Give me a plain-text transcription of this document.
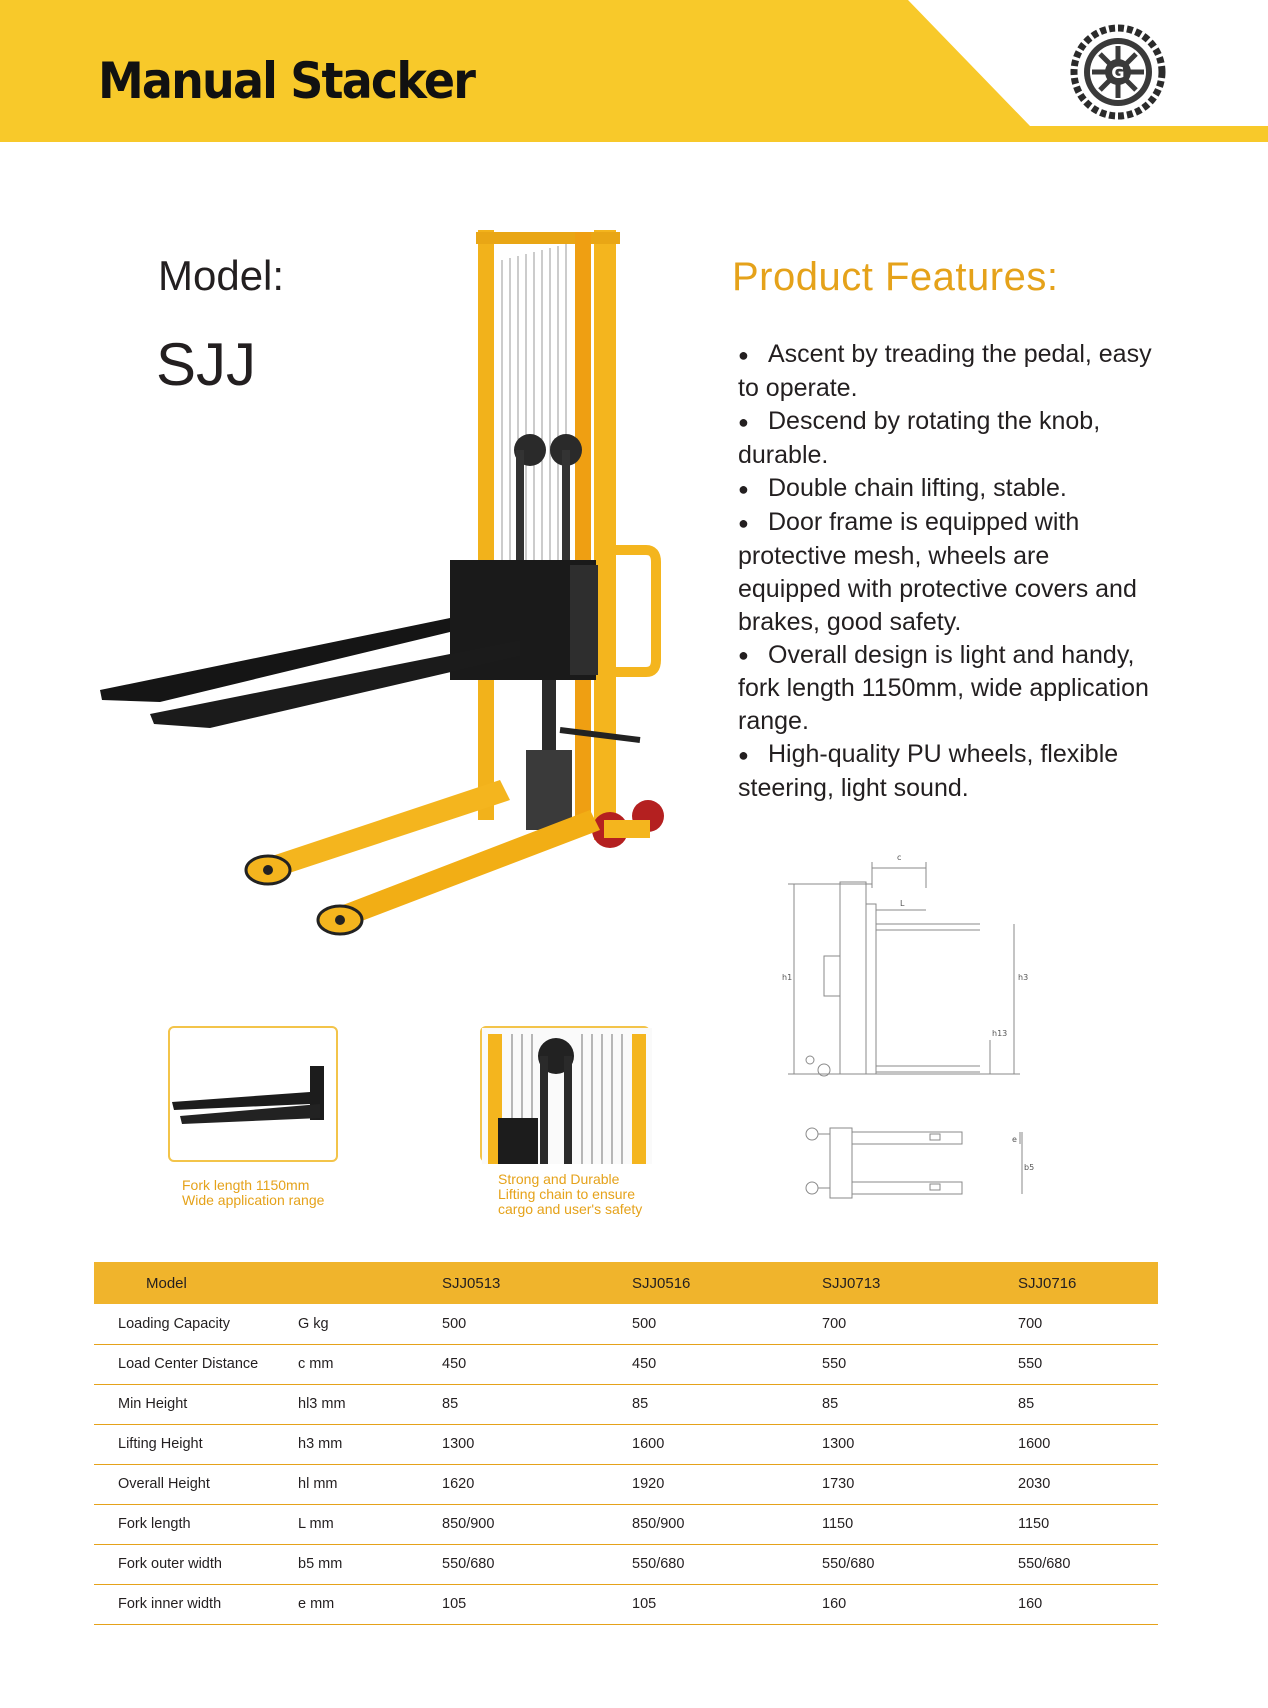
Manual Stacker	G
Model:
SJJ
Product Features:
● Ascent by treading the pedal, easy to operate.
● Descend by rotating the knob, durable.
● Double chain lifting, stable.
● Door frame is equipped with protective mesh, wheels are equipped with protective covers and brakes, good safety.
● Overall design is light and handy, fork length 1150mm, wide application range.
● High-quality PU wheels, flexible steering, light sound.
Fork length 1150mm
Wide application range
Strong and Durable
Lifting chain to ensure
cargo and user's safety
c
L
h1	h3
h13
e
b5
Model		SJJ0513	SJJ0516	SJJ0713	SJJ0716
Loading Capacity	G kg	500	500	700	700
Load Center Distance	c mm	450	450	550	550
Min Height	hl3 mm	85	85	85	85
Lifting Height	h3 mm	1300	1600	1300	1600
Overall Height	hl mm	1620	1920	1730	2030
Fork length	L mm	850/900	850/900	1150	1150
Fork outer width	b5 mm	550/680	550/680	550/680	550/680
Fork inner width	e mm	105	105	160	160
